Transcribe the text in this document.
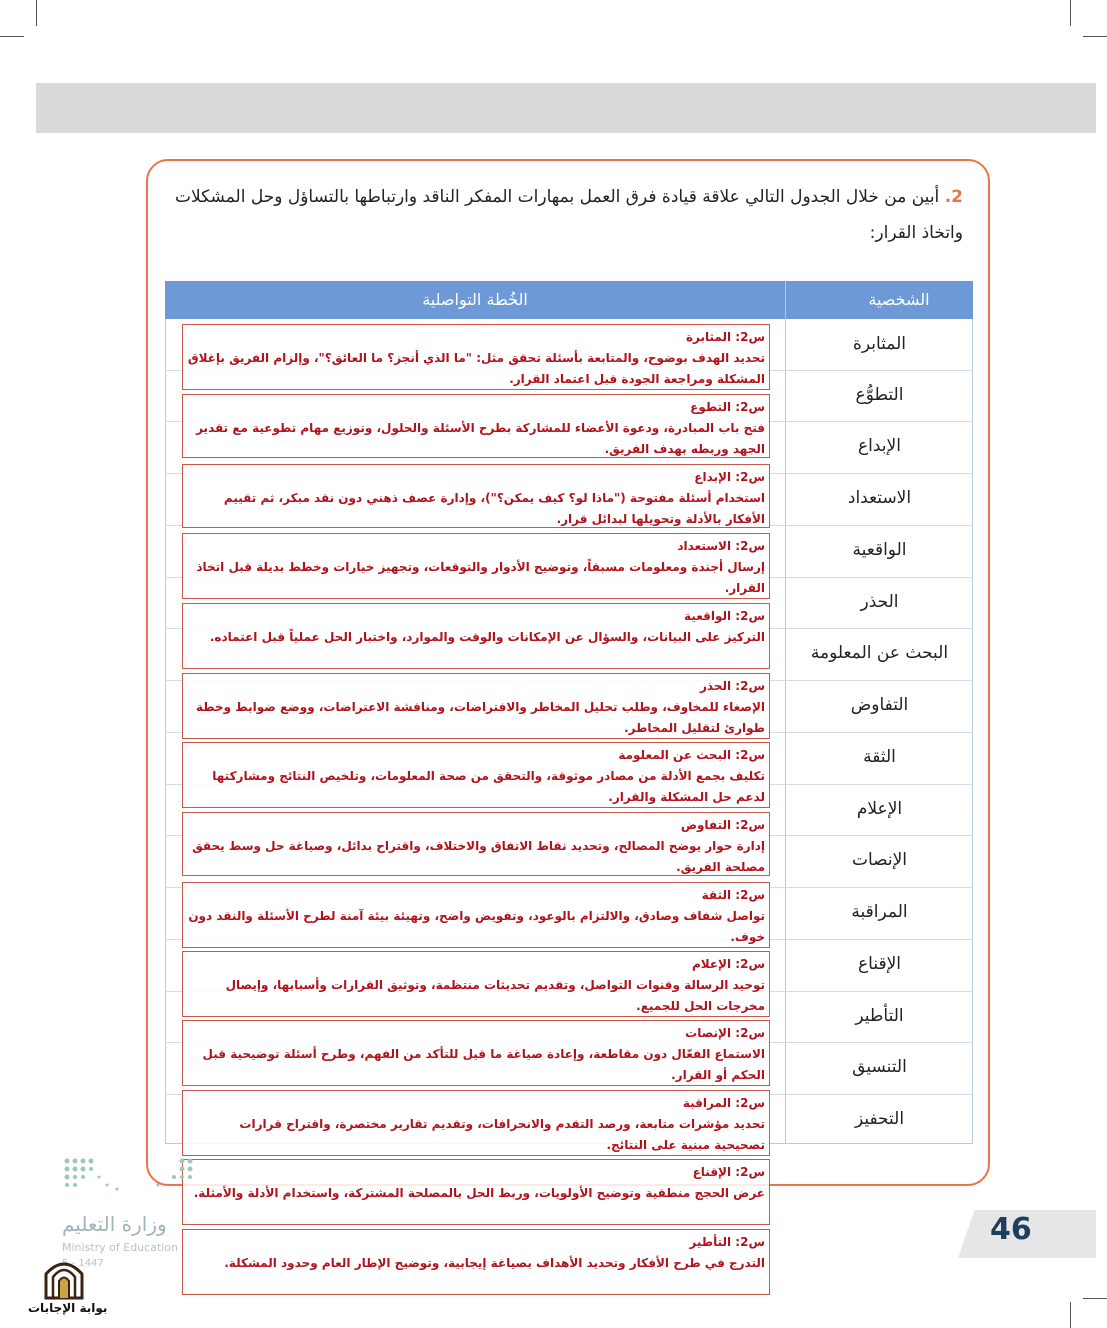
2. أبين من خلال الجدول التالي علاقة قيادة فرق العمل بمهارات المفكر الناقد وارتباطها بالتساؤل وحل المشكلات
واتخاذ القرار:
الشخصية
الخُطة التواصلية
المثابرة
التطوُّع
الإبداع
الاستعداد
الواقعية
الحذر
البحث عن المعلومة
التفاوض
الثقة
الإعلام
الإنصات
المراقبة
الإقناع
التأطير
التنسيق
التحفيز
س2: المثابرة
تحديد الهدف بوضوح، والمتابعة بأسئلة تحقق مثل: "ما الذي أنجز؟ ما العائق؟"، وإلزام الفريق بإغلاق المشكلة ومراجعة الجودة قبل اعتماد القرار.
س2: التطوع
فتح باب المبادرة، ودعوة الأعضاء للمشاركة بطرح الأسئلة والحلول، وتوزيع مهام تطوعية مع تقدير الجهد وربطه بهدف الفريق.
س2: الإبداع
استخدام أسئلة مفتوحة ("ماذا لو؟ كيف يمكن؟")، وإدارة عصف ذهني دون نقد مبكر، ثم تقييم الأفكار بالأدلة وتحويلها لبدائل قرار.
س2: الاستعداد
إرسال أجندة ومعلومات مسبقاً، وتوضيح الأدوار والتوقعات، وتجهيز خيارات وخطط بديلة قبل اتخاذ القرار.
س2: الواقعية
التركيز على البيانات، والسؤال عن الإمكانات والوقت والموارد، واختبار الحل عملياً قبل اعتماده.
س2: الحذر
الإصغاء للمخاوف، وطلب تحليل المخاطر والافتراضات، ومناقشة الاعتراضات، ووضع ضوابط وخطة طوارئ لتقليل المخاطر.
س2: البحث عن المعلومة
تكليف بجمع الأدلة من مصادر موثوقة، والتحقق من صحة المعلومات، وتلخيص النتائج ومشاركتها لدعم حل المشكلة والقرار.
س2: التفاوض
إدارة حوار يوضح المصالح، وتحديد نقاط الاتفاق والاختلاف، واقتراح بدائل، وصياغة حل وسط يحقق مصلحة الفريق.
س2: الثقة
تواصل شفاف وصادق، والالتزام بالوعود، وتفويض واضح، وتهيئة بيئة آمنة لطرح الأسئلة والنقد دون خوف.
س2: الإعلام
توحيد الرسالة وقنوات التواصل، وتقديم تحديثات منتظمة، وتوثيق القرارات وأسبابها، وإيصال مخرجات الحل للجميع.
س2: الإنصات
الاستماع الفعّال دون مقاطعة، وإعادة صياغة ما قيل للتأكد من الفهم، وطرح أسئلة توضيحية قبل الحكم أو القرار.
س2: المراقبة
تحديد مؤشرات متابعة، ورصد التقدم والانحرافات، وتقديم تقارير مختصرة، واقتراح قرارات تصحيحية مبنية على النتائج.
س2: الإقناع
عرض الحجج منطقية وتوضيح الأولويات، وربط الحل بالمصلحة المشتركة، واستخدام الأدلة والأمثلة.
س2: التأطير
التدرج في طرح الأفكار وتحديد الأهداف بصياغة إيجابية، وتوضيح الإطار العام وحدود المشكلة.
وزارة التعليم
Ministry of Education
5 - 1447
46
بوابة الإجابات
